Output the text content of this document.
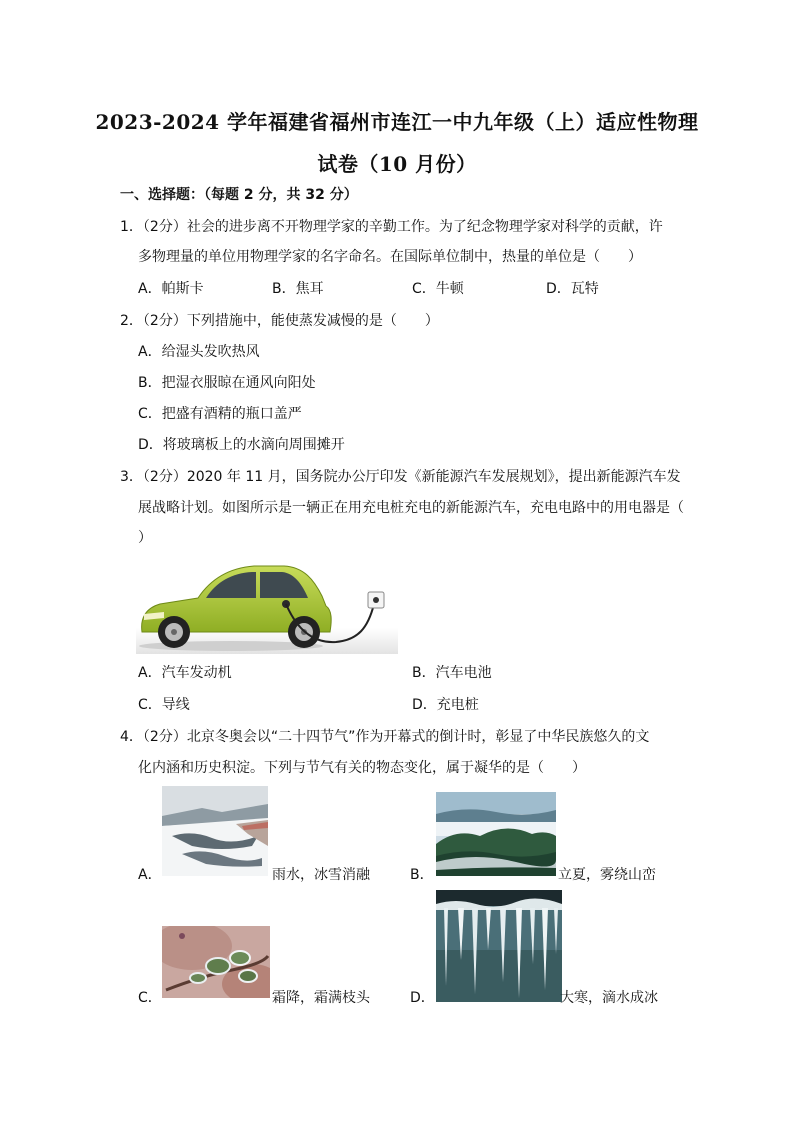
2023-2024 学年福建省福州市连江一中九年级（上）适应性物理
试卷（10 月份）
一、选择题：（每题 2 分，共 32 分）
1．（2分）社会的进步离不开物理学家的辛勤工作。为了纪念物理学家对科学的贡献，许
多物理量的单位用物理学家的名字命名。在国际单位制中，热量的单位是（　　）
A．帕斯卡	B．焦耳	C．牛顿	D．瓦特
2．（2分）下列措施中，能使蒸发减慢的是（　　）
A．给湿头发吹热风
B．把湿衣服晾在通风向阳处
C．把盛有酒精的瓶口盖严
D．将玻璃板上的水滴向周围摊开
3．（2分）2020 年 11 月，国务院办公厅印发《新能源汽车发展规划》，提出新能源汽车发
展战略计划。如图所示是一辆正在用充电桩充电的新能源汽车，充电电路中的用电器是（
）
A．汽车发动机	B．汽车电池
C．导线	D．充电桩
4．（2分）北京冬奥会以“二十四节气”作为开幕式的倒计时，彰显了中华民族悠久的文
化内涵和历史积淀。下列与节气有关的物态变化，属于凝华的是（　　）
A．	雨水，冰雪消融	B．	立夏，雾绕山峦
C．	霜降，霜满枝头	D．	大寒，滴水成冰
